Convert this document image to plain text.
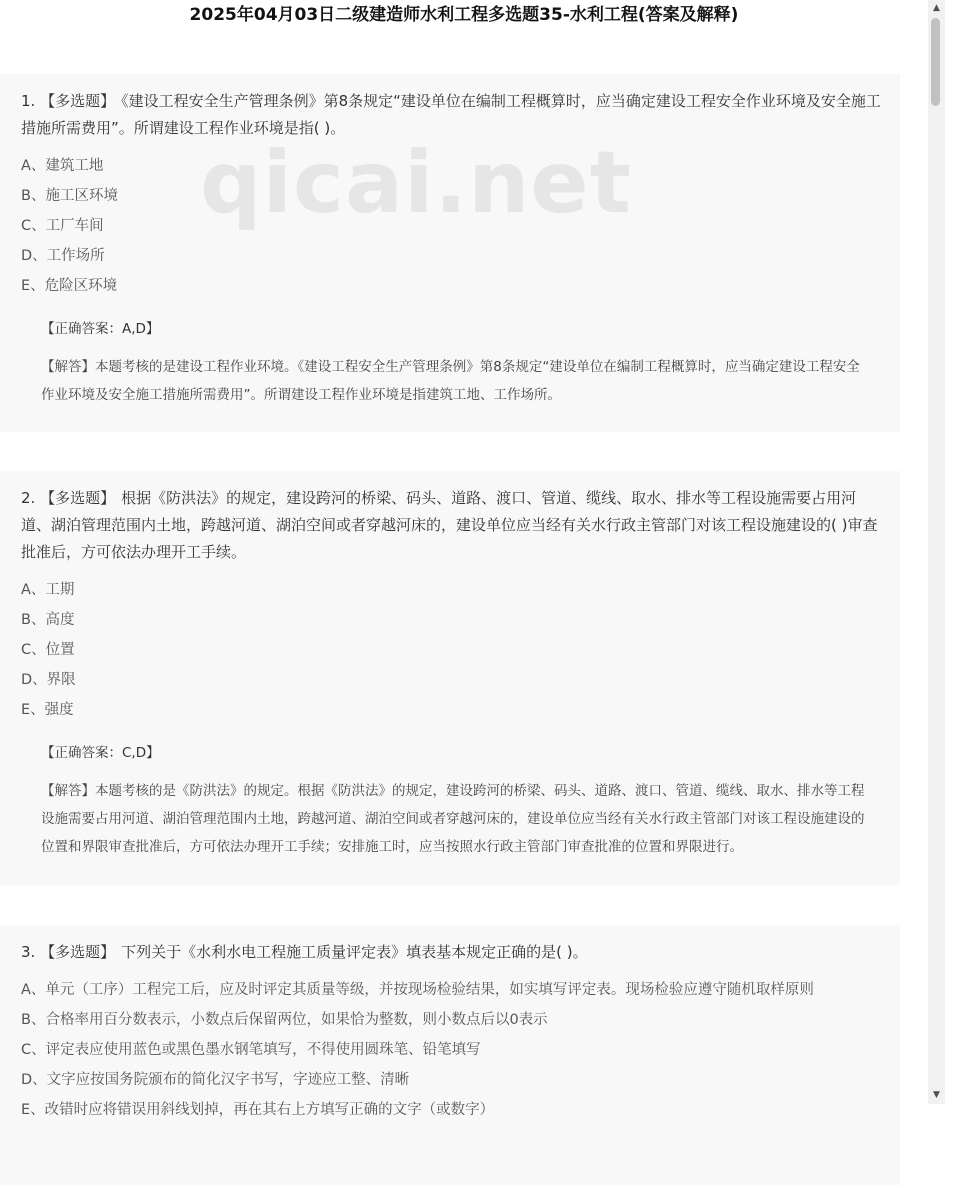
2025年04月03日二级建造师水利工程多选题35-水利工程(答案及解释)
qicai.net

1. 【多选题】 《建设工程安全生产管理条例》第8条规定“建设单位在编制工程概算时，应当确定建设工程安全作业环境及安全施工措施所需费用”。所谓建设工程作业环境是指( )。

A、建筑工地
B、施工区环境
C、工厂车间
D、工作场所
E、危险区环境
【正确答案：A,D】
【解答】本题考核的是建设工程作业环境。《建设工程安全生产管理条例》第8条规定“建设单位在编制工程概算时，应当确定建设工程安全作业环境及安全施工措施所需费用”。所谓建设工程作业环境是指建筑工地、工作场所。

2. 【多选题】 根据《防洪法》的规定，建设跨河的桥梁、码头、道路、渡口、管道、缆线、取水、排水等工程设施需要占用河道、湖泊管理范围内土地，跨越河道、湖泊空间或者穿越河床的，建设单位应当经有关水行政主管部门对该工程设施建设的( )审查批准后，方可依法办理开工手续。

A、工期
B、高度
C、位置
D、界限
E、强度
【正确答案：C,D】
【解答】本题考核的是《防洪法》的规定。根据《防洪法》的规定，建设跨河的桥梁、码头、道路、渡口、管道、缆线、取水、排水等工程设施需要占用河道、湖泊管理范围内土地，跨越河道、湖泊空间或者穿越河床的，建设单位应当经有关水行政主管部门对该工程设施建设的位置和界限审查批准后，方可依法办理开工手续；安排施工时，应当按照水行政主管部门审查批准的位置和界限进行。

3. 【多选题】 下列关于《水利水电工程施工质量评定表》填表基本规定正确的是( )。

A、单元（工序）工程完工后，应及时评定其质量等级，并按现场检验结果，如实填写评定表。现场检验应遵守随机取样原则
B、合格率用百分数表示，小数点后保留两位，如果恰为整数，则小数点后以0表示
C、评定表应使用蓝色或黑色墨水钢笔填写，不得使用圆珠笔、铅笔填写
D、文字应按国务院颁布的简化汉字书写，字迹应工整、清晰
E、改错时应将错误用斜线划掉，再在其右上方填写正确的文字（或数字）
▲
▼
